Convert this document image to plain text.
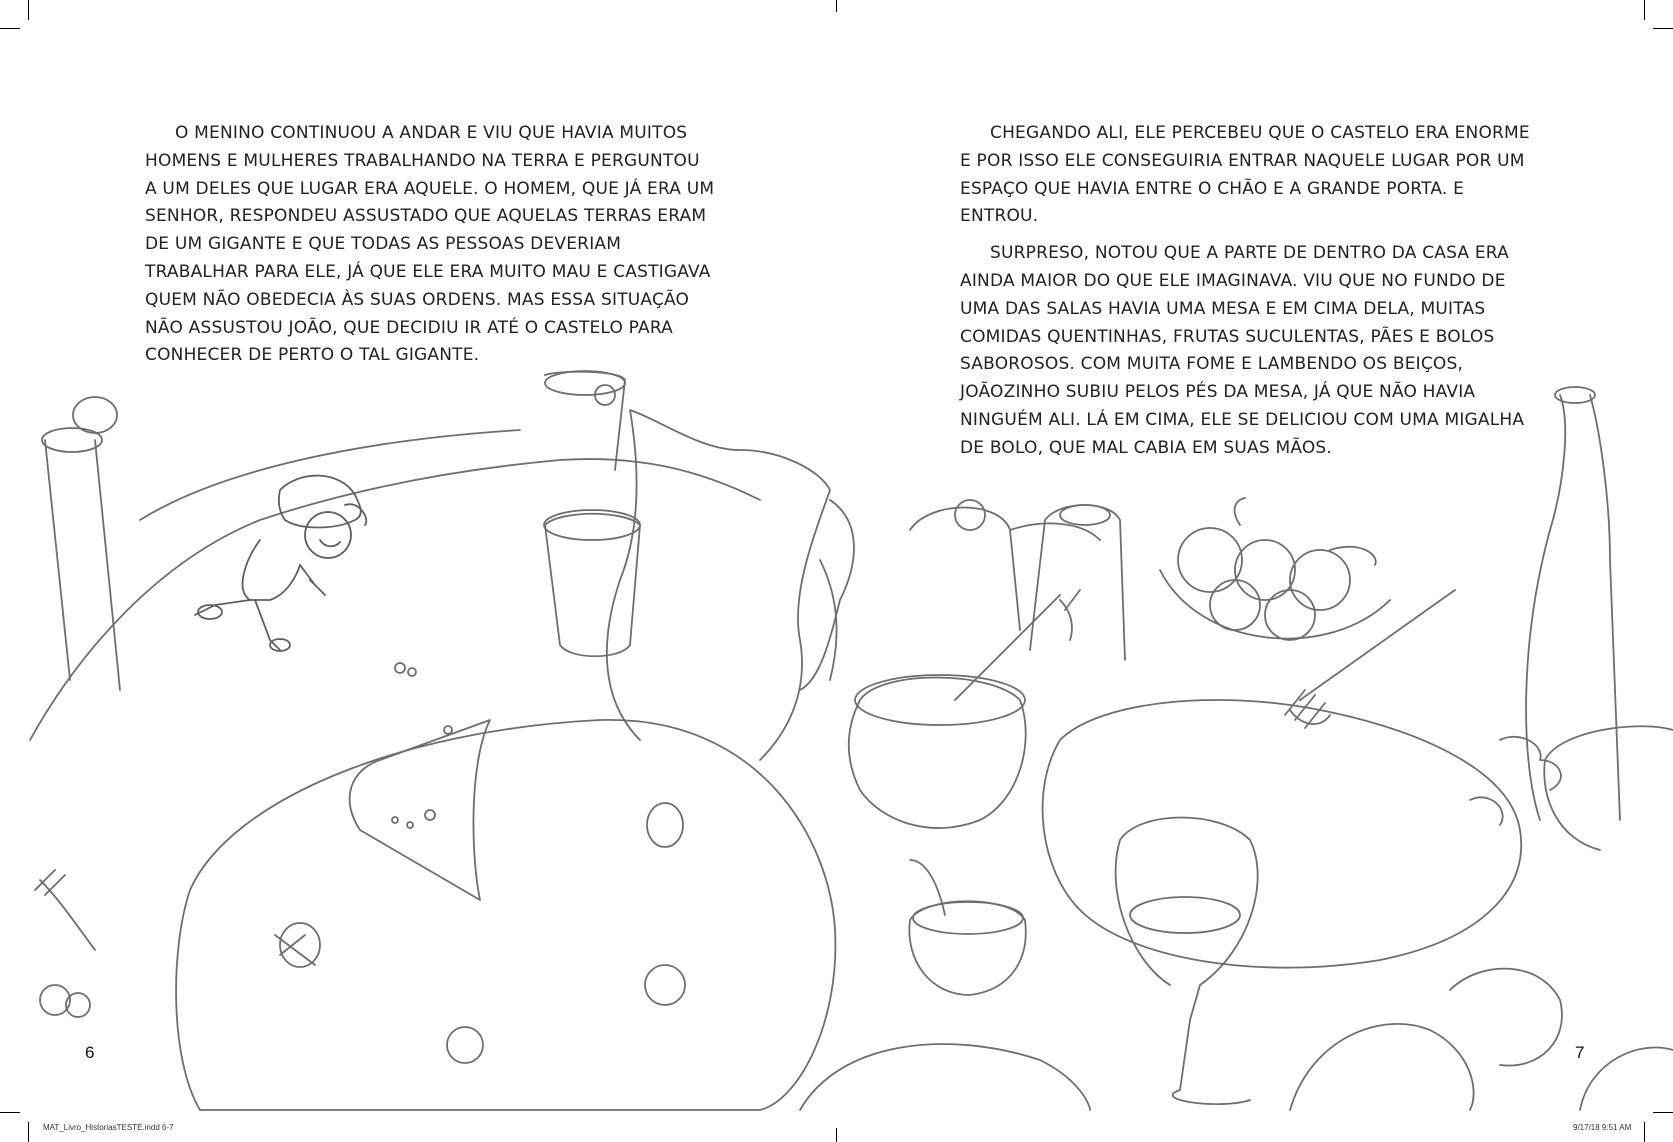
O MENINO CONTINUOU A ANDAR E VIU QUE HAVIA MUITOS HOMENS E MULHERES TRABALHANDO NA TERRA E PERGUNTOU A UM DELES QUE LUGAR ERA AQUELE. O HOMEM, QUE JÁ ERA UM SENHOR, RESPONDEU ASSUSTADO QUE AQUELAS TERRAS ERAM DE UM GIGANTE E QUE TODAS AS PESSOAS DEVERIAM TRABALHAR PARA ELE, JÁ QUE ELE ERA MUITO MAU E CASTIGAVA QUEM NÃO OBEDECIA ÀS SUAS ORDENS. MAS ESSA SITUAÇÃO NÃO ASSUSTOU JOÃO, QUE DECIDIU IR ATÉ O CASTELO PARA CONHECER DE PERTO O TAL GIGANTE.

CHEGANDO ALI, ELE PERCEBEU QUE O CASTELO ERA ENORME E POR ISSO ELE CONSEGUIRIA ENTRAR NAQUELE LUGAR POR UM ESPAÇO QUE HAVIA ENTRE O CHÃO E A GRANDE PORTA. E ENTROU.

SURPRESO, NOTOU QUE A PARTE DE DENTRO DA CASA ERA AINDA MAIOR DO QUE ELE IMAGINAVA. VIU QUE NO FUNDO DE UMA DAS SALAS HAVIA UMA MESA E EM CIMA DELA, MUITAS COMIDAS QUENTINHAS, FRUTAS SUCULENTAS, PÃES E BOLOS SABOROSOS. COM MUITA FOME E LAMBENDO OS BEIÇOS, JOÃOZINHO SUBIU PELOS PÉS DA MESA, JÁ QUE NÃO HAVIA NINGUÉM ALI. LÁ EM CIMA, ELE SE DELICIOU COM UMA MIGALHA DE BOLO, QUE MAL CABIA EM SUAS MÃOS.

6	7
MAT_Livro_HistoriasTESTE.indd 6-7	9/17/18 9:51 AM
